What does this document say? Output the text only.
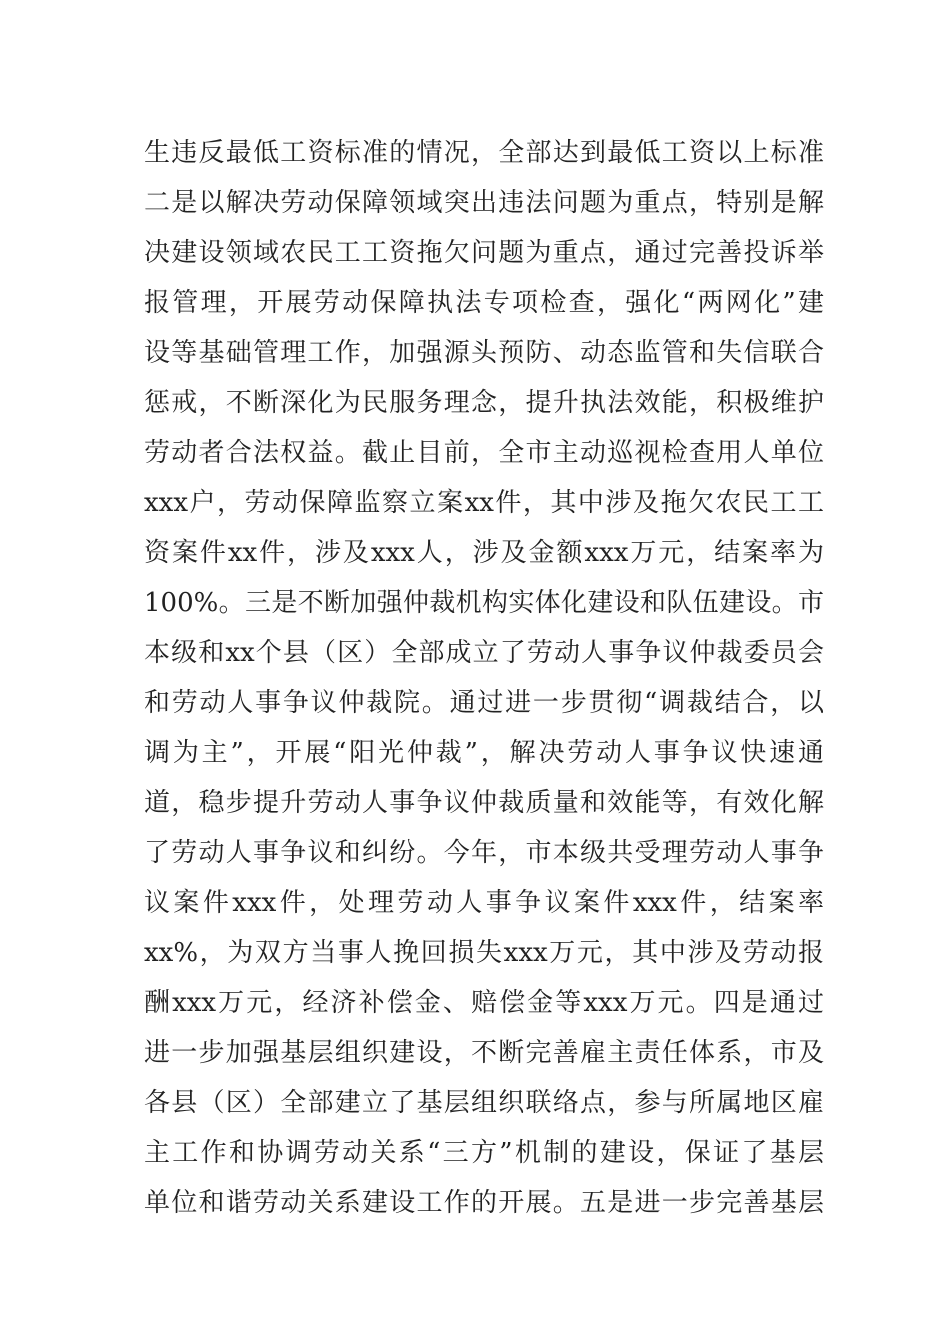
生违反最低工资标准的情况，全部达到最低工资以上标准
二是以解决劳动保障领域突出违法问题为重点，特别是解
决建设领域农民工工资拖欠问题为重点，通过完善投诉举
报管理，开展劳动保障执法专项检查，强化“两网化”建
设等基础管理工作，加强源头预防、动态监管和失信联合
惩戒，不断深化为民服务理念，提升执法效能，积极维护
劳动者合法权益。截止目前，全市主动巡视检查用人单位
xxx户，劳动保障监察立案xx件，其中涉及拖欠农民工工
资案件xx件，涉及xxx人，涉及金额xxx万元，结案率为
100%。三是不断加强仲裁机构实体化建设和队伍建设。市
本级和xx个县（区）全部成立了劳动人事争议仲裁委员会
和劳动人事争议仲裁院。通过进一步贯彻“调裁结合，以
调为主”，开展“阳光仲裁”，解决劳动人事争议快速通
道，稳步提升劳动人事争议仲裁质量和效能等，有效化解
了劳动人事争议和纠纷。今年，市本级共受理劳动人事争
议案件xxx件，处理劳动人事争议案件xxx件，结案率
xx%，为双方当事人挽回损失xxx万元，其中涉及劳动报
酬xxx万元，经济补偿金、赔偿金等xxx万元。四是通过
进一步加强基层组织建设，不断完善雇主责任体系，市及
各县（区）全部建立了基层组织联络点，参与所属地区雇
主工作和协调劳动关系“三方”机制的建设，保证了基层
单位和谐劳动关系建设工作的开展。五是进一步完善基层
